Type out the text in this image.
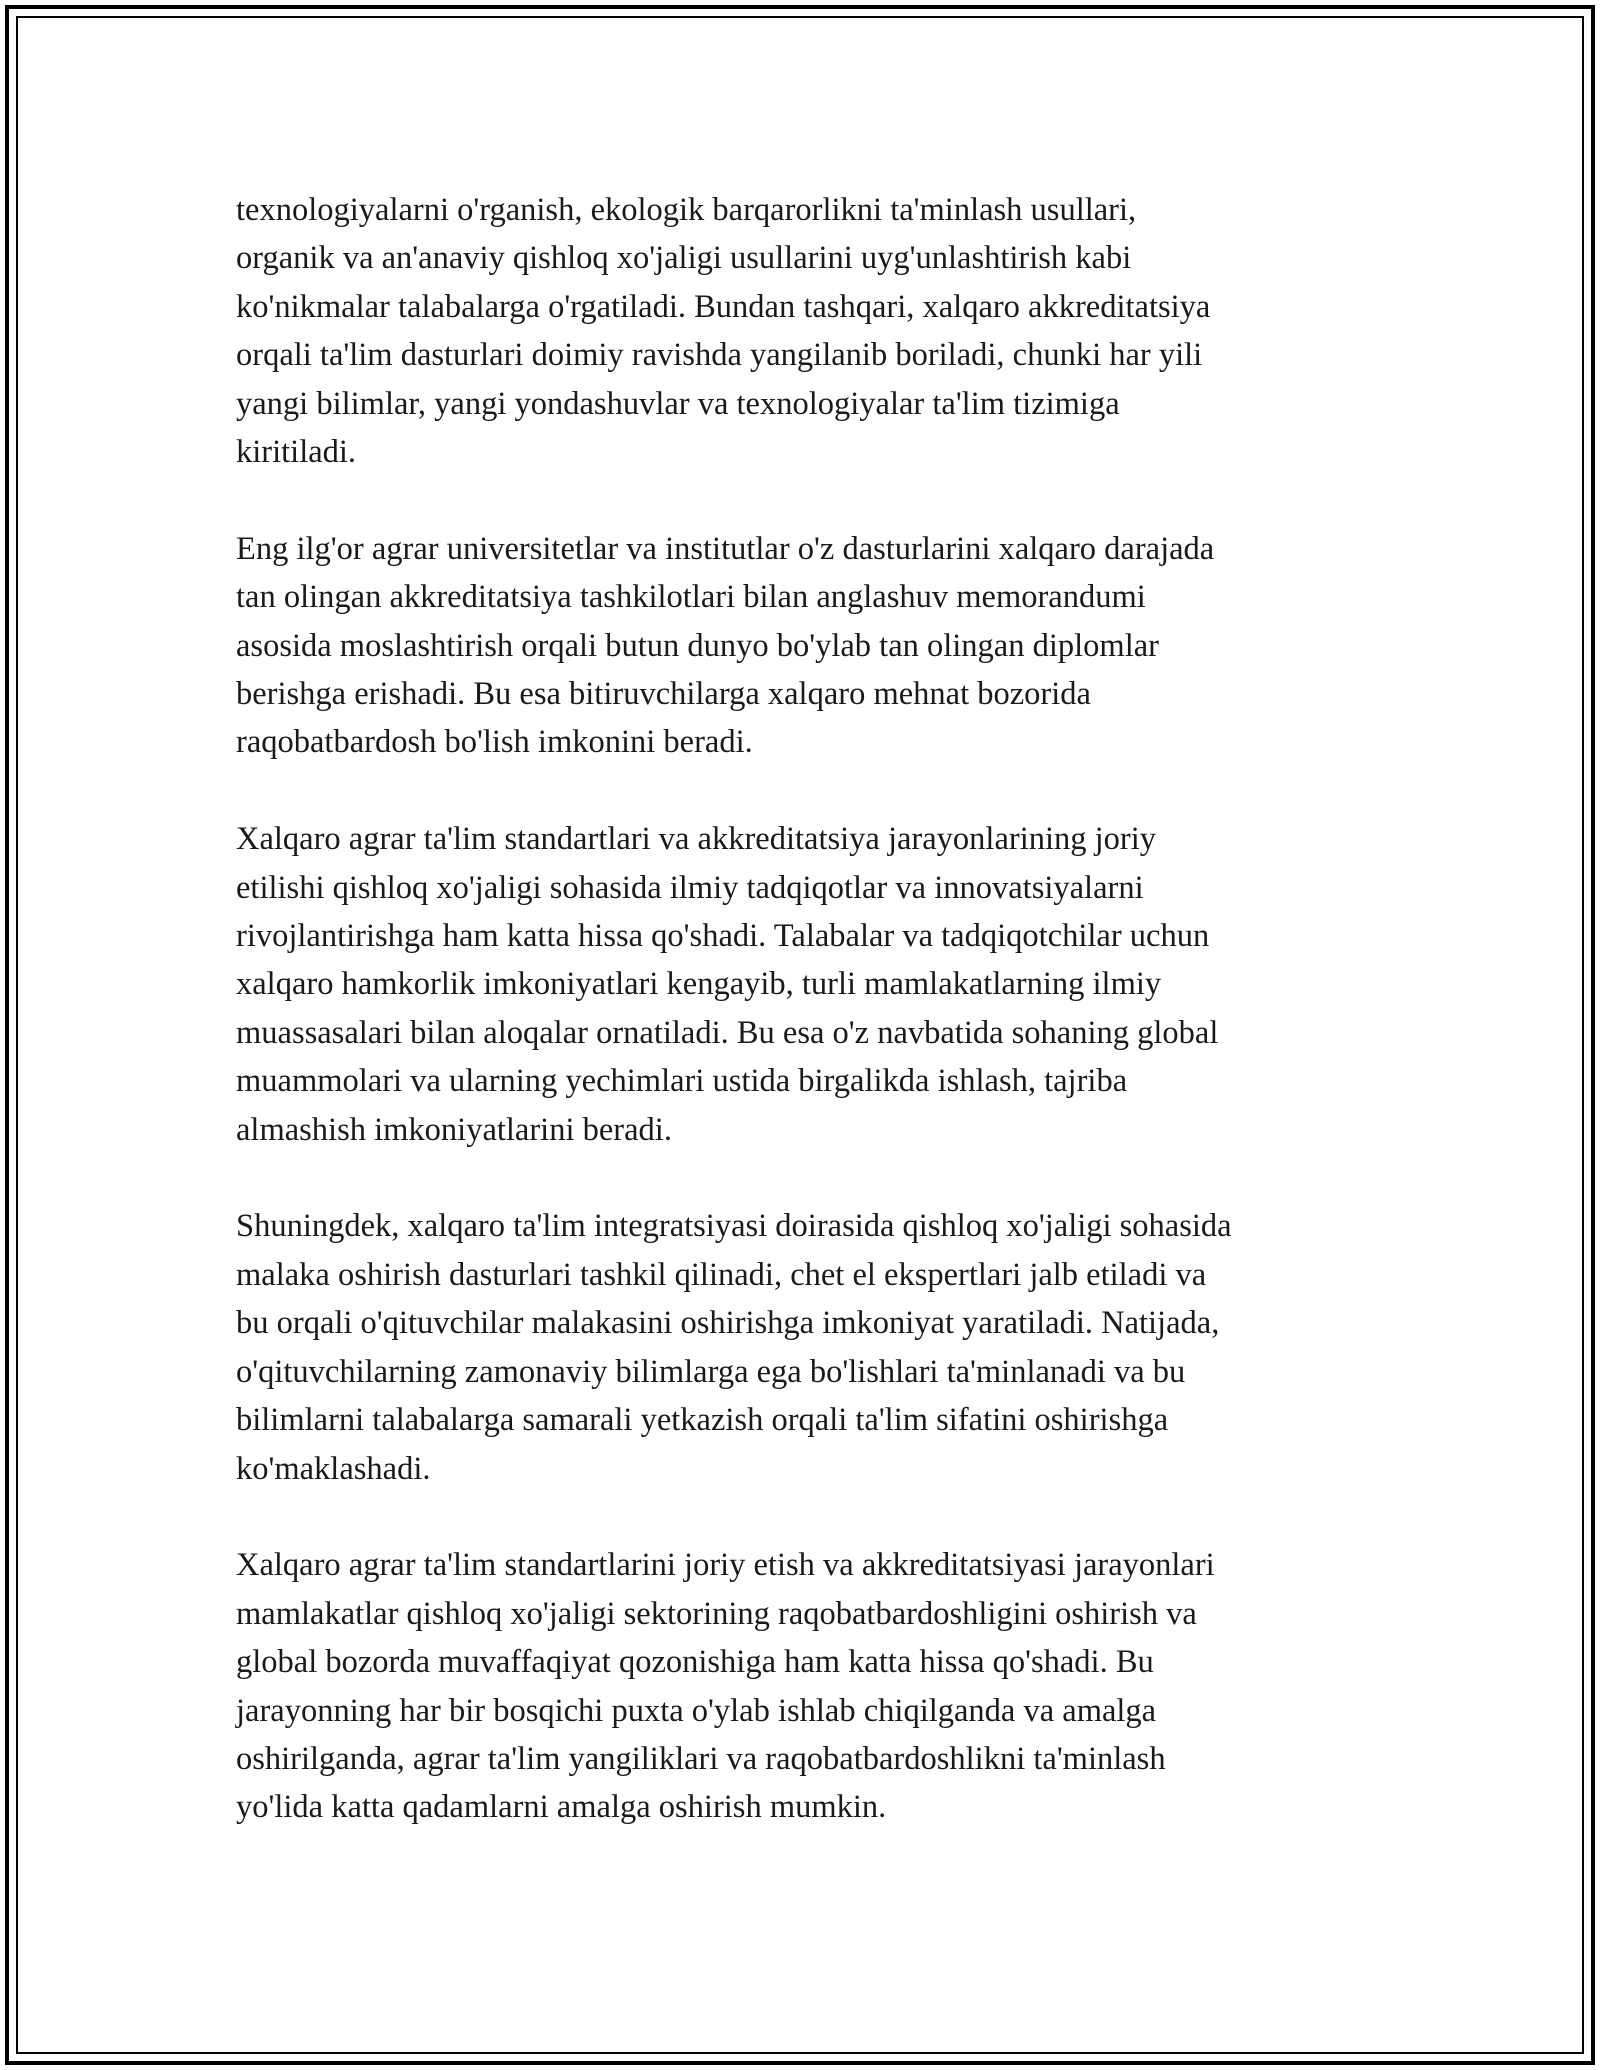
texnologiyalarni o'rganish, ekologik barqarorlikni ta'minlash usullari,
organik va an'anaviy qishloq xo'jaligi usullarini uyg'unlashtirish kabi
ko'nikmalar talabalarga o'rgatiladi. Bundan tashqari, xalqaro akkreditatsiya
orqali ta'lim dasturlari doimiy ravishda yangilanib boriladi, chunki har yili
yangi bilimlar, yangi yondashuvlar va texnologiyalar ta'lim tizimiga
kiritiladi.

Eng ilg'or agrar universitetlar va institutlar o'z dasturlarini xalqaro darajada
tan olingan akkreditatsiya tashkilotlari bilan anglashuv memorandumi
asosida moslashtirish orqali butun dunyo bo'ylab tan olingan diplomlar
berishga erishadi. Bu esa bitiruvchilarga xalqaro mehnat bozorida
raqobatbardosh bo'lish imkonini beradi.

Xalqaro agrar ta'lim standartlari va akkreditatsiya jarayonlarining joriy
etilishi qishloq xo'jaligi sohasida ilmiy tadqiqotlar va innovatsiyalarni
rivojlantirishga ham katta hissa qo'shadi. Talabalar va tadqiqotchilar uchun
xalqaro hamkorlik imkoniyatlari kengayib, turli mamlakatlarning ilmiy
muassasalari bilan aloqalar ornatiladi. Bu esa o'z navbatida sohaning global
muammolari va ularning yechimlari ustida birgalikda ishlash, tajriba
almashish imkoniyatlarini beradi.

Shuningdek, xalqaro ta'lim integratsiyasi doirasida qishloq xo'jaligi sohasida
malaka oshirish dasturlari tashkil qilinadi, chet el ekspertlari jalb etiladi va
bu orqali o'qituvchilar malakasini oshirishga imkoniyat yaratiladi. Natijada,
o'qituvchilarning zamonaviy bilimlarga ega bo'lishlari ta'minlanadi va bu
bilimlarni talabalarga samarali yetkazish orqali ta'lim sifatini oshirishga
ko'maklashadi.

Xalqaro agrar ta'lim standartlarini joriy etish va akkreditatsiyasi jarayonlari
mamlakatlar qishloq xo'jaligi sektorining raqobatbardoshligini oshirish va
global bozorda muvaffaqiyat qozonishiga ham katta hissa qo'shadi. Bu
jarayonning har bir bosqichi puxta o'ylab ishlab chiqilganda va amalga
oshirilganda, agrar ta'lim yangiliklari va raqobatbardoshlikni ta'minlash
yo'lida katta qadamlarni amalga oshirish mumkin.
